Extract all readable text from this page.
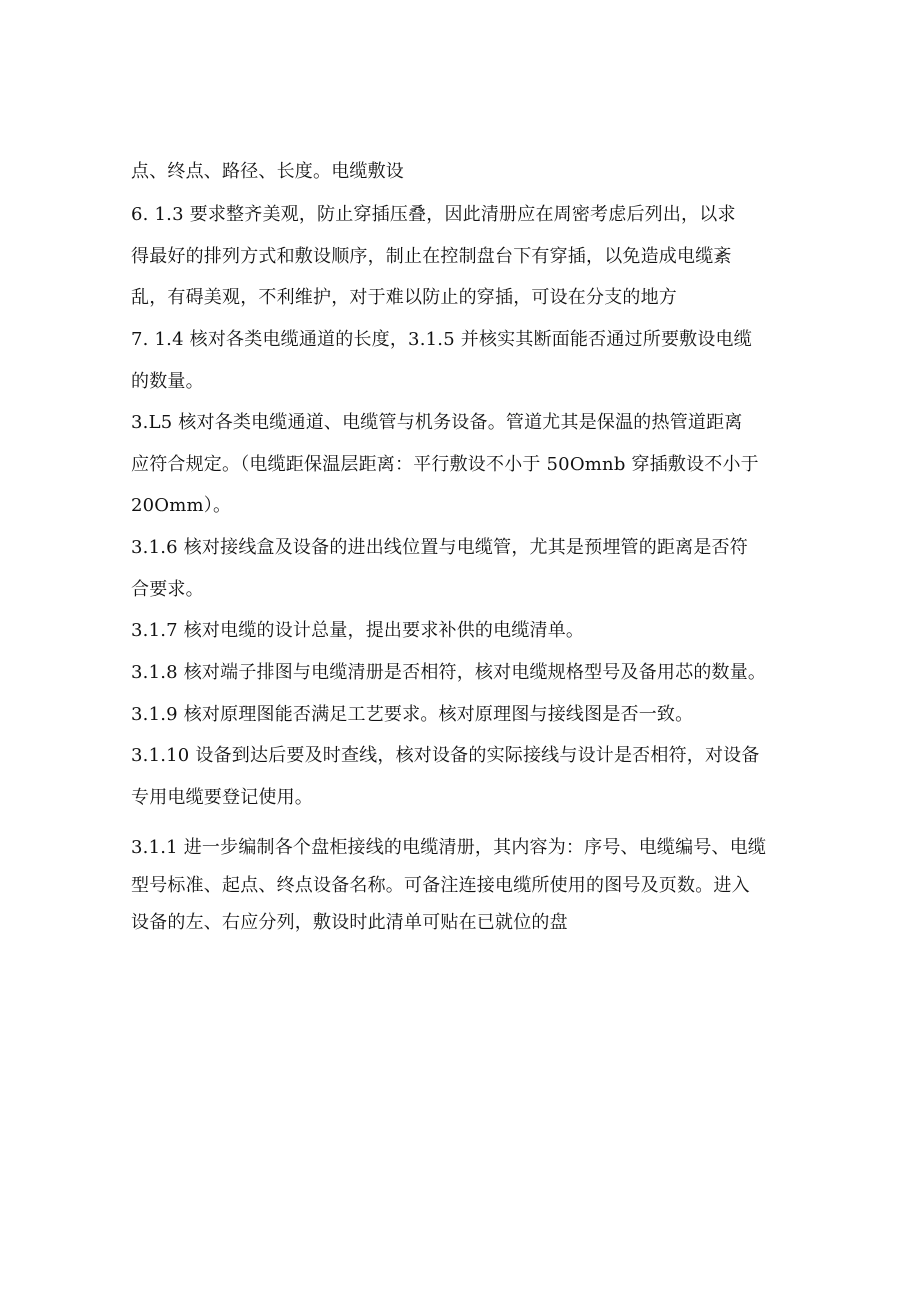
点、终点、路径、长度。电缆敷设
6. 1.3 要求整齐美观，防止穿插压叠，因此清册应在周密考虑后列出，以求
得最好的排列方式和敷设顺序，制止在控制盘台下有穿插，以免造成电缆紊
乱，有碍美观，不利维护，对于难以防止的穿插，可设在分支的地方
7. 1.4 核对各类电缆通道的长度，3.1.5 并核实其断面能否通过所要敷设电缆
的数量。
3.L5 核对各类电缆通道、电缆管与机务设备。管道尤其是保温的热管道距离
应符合规定。（电缆距保温层距离：平行敷设不小于 50Omnb 穿插敷设不小于
20Omm）。
3.1.6 核对接线盒及设备的进出线位置与电缆管，尤其是预埋管的距离是否符
合要求。
3.1.7 核对电缆的设计总量，提出要求补供的电缆清单。
3.1.8 核对端子排图与电缆清册是否相符，核对电缆规格型号及备用芯的数量。
3.1.9 核对原理图能否满足工艺要求。核对原理图与接线图是否一致。
3.1.10 设备到达后要及时查线，核对设备的实际接线与设计是否相符，对设备
专用电缆要登记使用。
3.1.1 进一步编制各个盘柜接线的电缆清册，其内容为：序号、电缆编号、电缆
型号标准、起点、终点设备名称。可备注连接电缆所使用的图号及页数。进入
设备的左、右应分列，敷设时此清单可贴在已就位的盘
